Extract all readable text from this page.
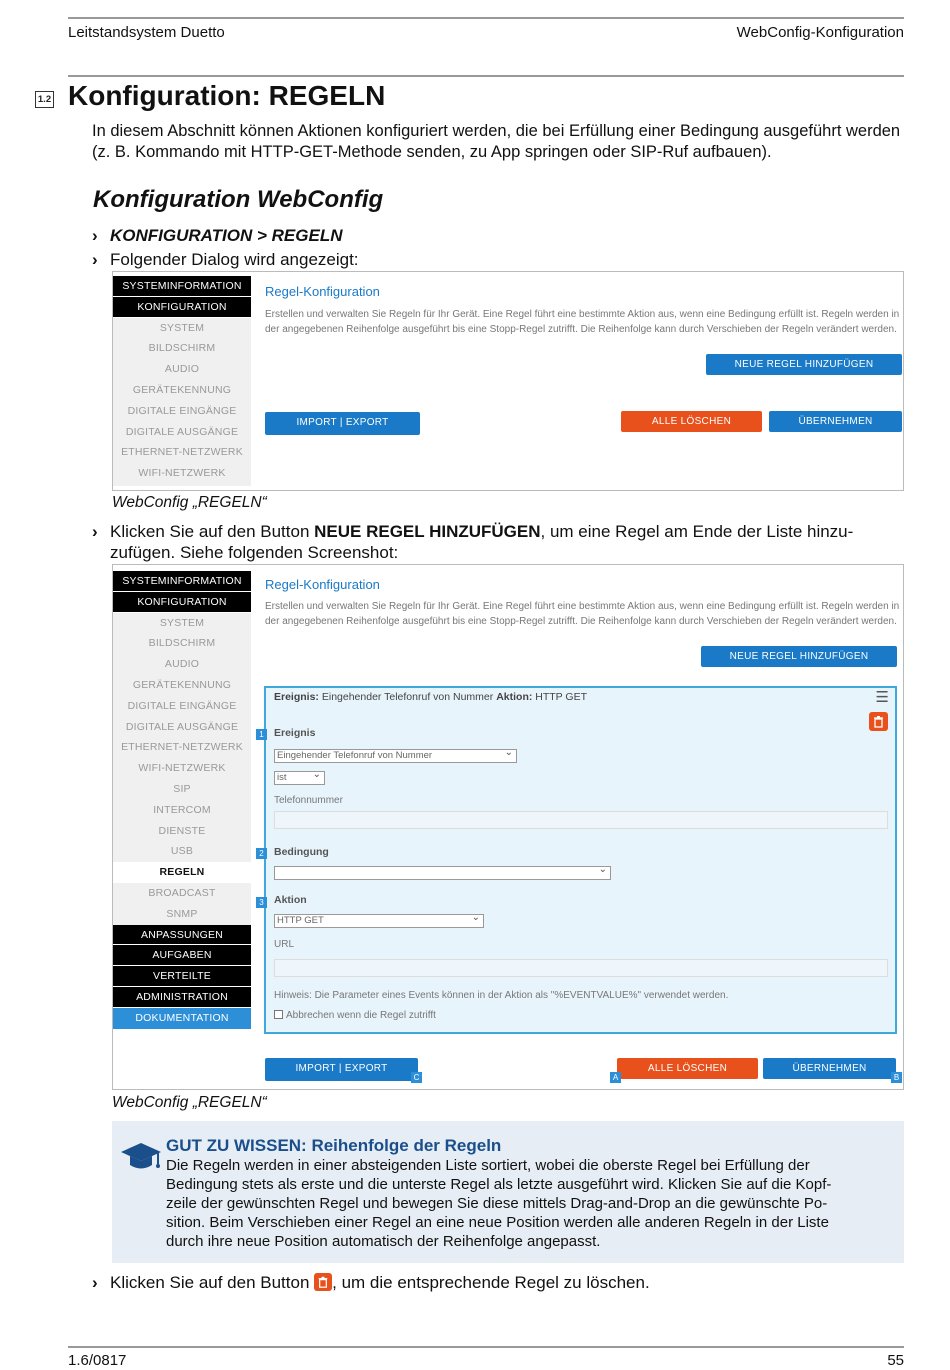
Leitstandsystem Duetto	WebConfig-Konfiguration
1.2 Konfiguration: REGELN
In diesem Abschnitt können Aktionen konfiguriert werden, die bei Erfüllung einer Bedingung ausgeführt werden (z. B. Kommando mit HTTP-GET-Methode senden, zu App springen oder SIP-Ruf aufbauen).
Konfiguration WebConfig
› KONFIGURATION > REGELN
› Folgender Dialog wird angezeigt:
SYSTEMINFORMATION
KONFIGURATION
SYSTEM
BILDSCHIRM
AUDIO
GERÄTEKENNUNG
DIGITALE EINGÄNGE
DIGITALE AUSGÄNGE
ETHERNET-NETZWERK
WIFI-NETZWERK
Regel-Konfiguration
Erstellen und verwalten Sie Regeln für Ihr Gerät. Eine Regel führt eine bestimmte Aktion aus, wenn eine Bedingung erfüllt ist. Regeln werden in der angegebenen Reihenfolge ausgeführt bis eine Stopp-Regel zutrifft. Die Reihenfolge kann durch Verschieben der Regeln verändert werden.
NEUE REGEL HINZUFÜGEN
IMPORT | EXPORT	ALLE LÖSCHEN	ÜBERNEHMEN
WebConfig „REGELN“
› Klicken Sie auf den Button NEUE REGEL HINZUFÜGEN, um eine Regel am Ende der Liste hinzu-
zufügen. Siehe folgenden Screenshot:
SYSTEMINFORMATION
KONFIGURATION
SYSTEM
BILDSCHIRM
AUDIO
GERÄTEKENNUNG
DIGITALE EINGÄNGE
DIGITALE AUSGÄNGE
ETHERNET-NETZWERK
WIFI-NETZWERK
SIP
INTERCOM
DIENSTE
USB
REGELN
BROADCAST
SNMP
ANPASSUNGEN
AUFGABEN
VERTEILTE
ADMINISTRATION
DOKUMENTATION
Regel-Konfiguration
Erstellen und verwalten Sie Regeln für Ihr Gerät. Eine Regel führt eine bestimmte Aktion aus, wenn eine Bedingung erfüllt ist. Regeln werden in der angegebenen Reihenfolge ausgeführt bis eine Stopp-Regel zutrifft. Die Reihenfolge kann durch Verschieben der Regeln verändert werden.
NEUE REGEL HINZUFÜGEN
Ereignis: Eingehender Telefonruf von Nummer Aktion: HTTP GET	☰
Ereignis
Eingehender Telefonruf von Nummer ⌄
ist ⌄
Telefonnummer
Bedingung
⌄
Aktion
HTTP GET ⌄
URL
Hinweis: Die Parameter eines Events können in der Aktion als "%EVENTVALUE%" verwendet werden.
Abbrechen wenn die Regel zutrifft
1
2
3
IMPORT | EXPORT
C
ALLE LÖSCHEN
A
ÜBERNEHMEN
B
WebConfig „REGELN“
GUT ZU WISSEN: Reihenfolge der Regeln
Die Regeln werden in einer absteigenden Liste sortiert, wobei die oberste Regel bei Erfüllung der
Bedingung stets als erste und die unterste Regel als letzte ausgeführt wird. Klicken Sie auf die Kopf-
zeile der gewünschten Regel und bewegen Sie diese mittels Drag-and-Drop an die gewünschte Po-
sition. Beim Verschieben einer Regel an eine neue Position werden alle anderen Regeln in der Liste
durch ihre neue Position automatisch der Reihenfolge angepasst.
› Klicken Sie auf den Button , um die entsprechende Regel zu löschen.
1.6/0817	55
